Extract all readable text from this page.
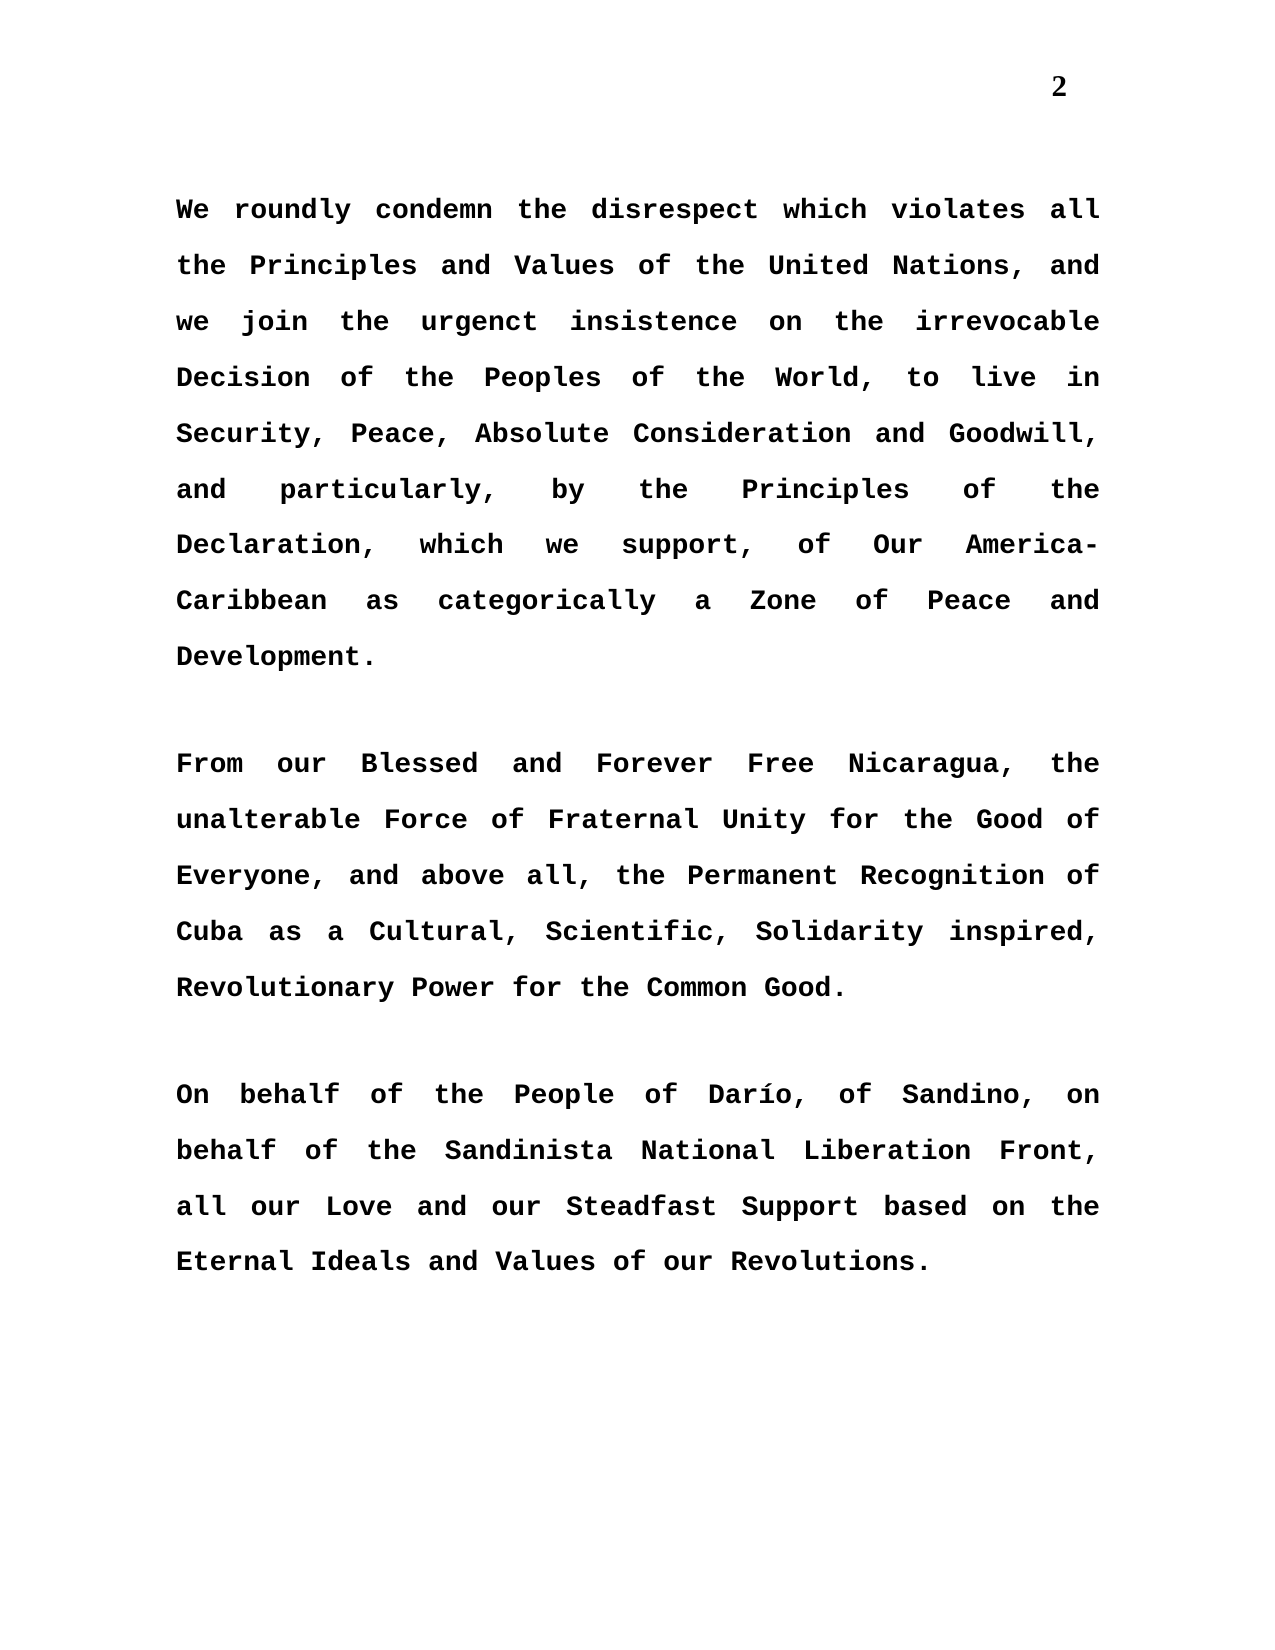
2

We roundly condemn the disrespect which violates all the Principles and Values of the United Nations, and we join the urgenct insistence on the irrevocable Decision of the Peoples of the World, to live in Security, Peace, Absolute Consideration and Goodwill, and particularly, by the Principles of the Declaration, which we support, of Our America-Caribbean as categorically a Zone of Peace and Development.

From our Blessed and Forever Free Nicaragua, the unalterable Force of Fraternal Unity for the Good of Everyone, and above all, the Permanent Recognition of Cuba as a Cultural, Scientific, Solidarity inspired, Revolutionary Power for the Common Good.

On behalf of the People of Darío, of Sandino, on behalf of the Sandinista National Liberation Front, all our Love and our Steadfast Support based on the Eternal Ideals and Values of our Revolutions.
